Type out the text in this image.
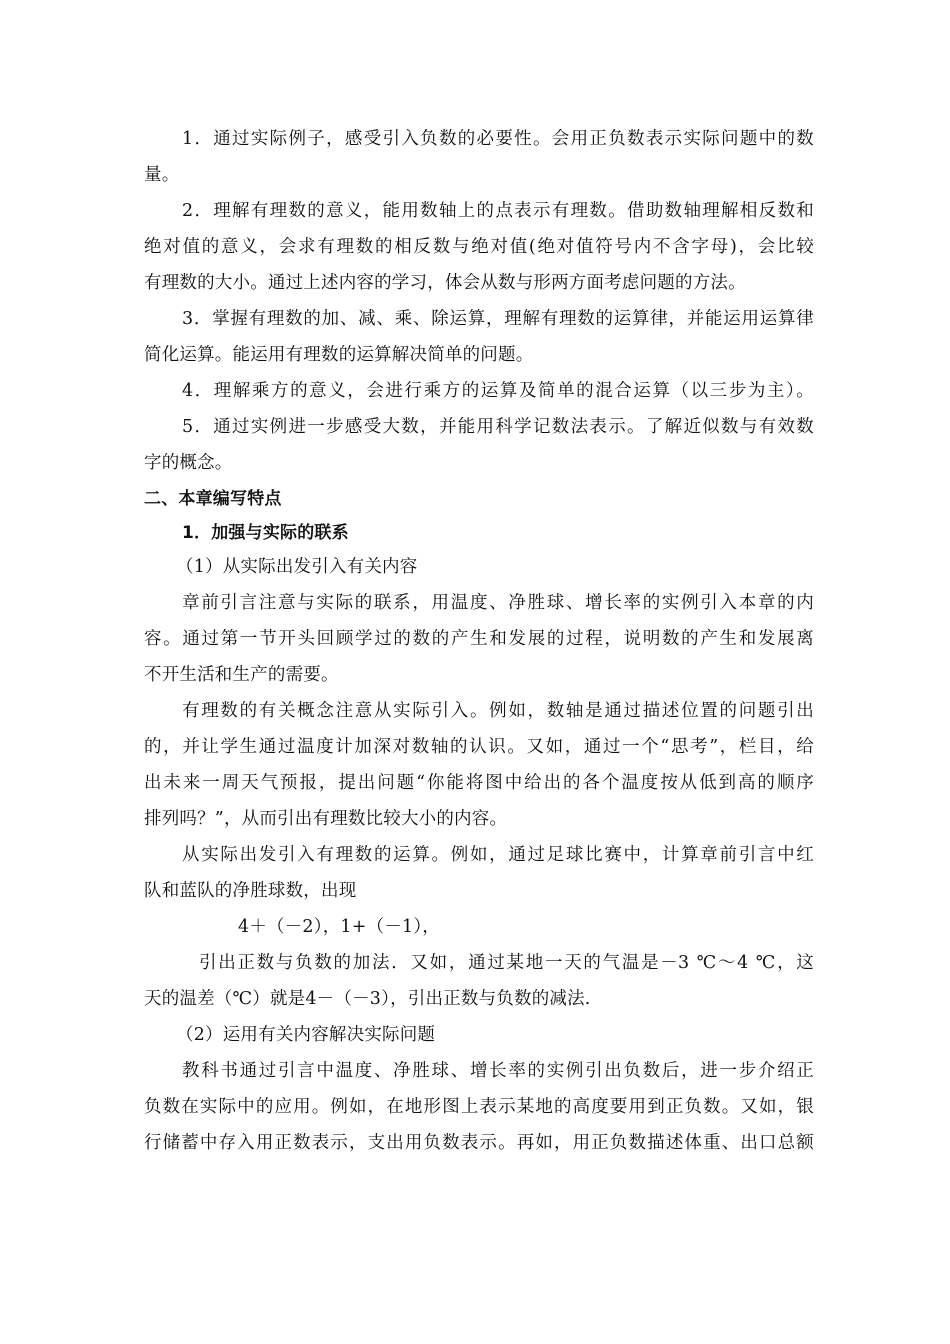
1．通过实际例子，感受引入负数的必要性。会用正负数表示实际问题中的数
量。
2．理解有理数的意义，能用数轴上的点表示有理数。借助数轴理解相反数和
绝对值的意义，会求有理数的相反数与绝对值(绝对值符号内不含字母)，会比较
有理数的大小。通过上述内容的学习，体会从数与形两方面考虑问题的方法。
3．掌握有理数的加、减、乘、除运算，理解有理数的运算律，并能运用运算律
简化运算。能运用有理数的运算解决简单的问题。
4．理解乘方的意义，会进行乘方的运算及简单的混合运算（以三步为主）。
5．通过实例进一步感受大数，并能用科学记数法表示。了解近似数与有效数
字的概念。
二、本章编写特点
1．加强与实际的联系
（1）从实际出发引入有关内容
章前引言注意与实际的联系，用温度、净胜球、增长率的实例引入本章的内
容。通过第一节开头回顾学过的数的产生和发展的过程，说明数的产生和发展离
不开生活和生产的需要。
有理数的有关概念注意从实际引入。例如，数轴是通过描述位置的问题引出
的，并让学生通过温度计加深对数轴的认识。又如，通过一个“思考”，栏目，给
出未来一周天气预报，提出问题“你能将图中给出的各个温度按从低到高的顺序
排列吗？”，从而引出有理数比较大小的内容。
从实际出发引入有理数的运算。例如，通过足球比赛中，计算章前引言中红
队和蓝队的净胜球数，出现
4＋（－2），1+（－1），
引出正数与负数的加法．又如，通过某地一天的气温是－3 ℃～4 ℃，这
天的温差（℃）就是4－（－3），引出正数与负数的减法.
（2）运用有关内容解决实际问题
教科书通过引言中温度、净胜球、增长率的实例引出负数后，进一步介绍正
负数在实际中的应用。例如，在地形图上表示某地的高度要用到正负数。又如，银
行储蓄中存入用正数表示，支出用负数表示。再如，用正负数描述体重、出口总额
